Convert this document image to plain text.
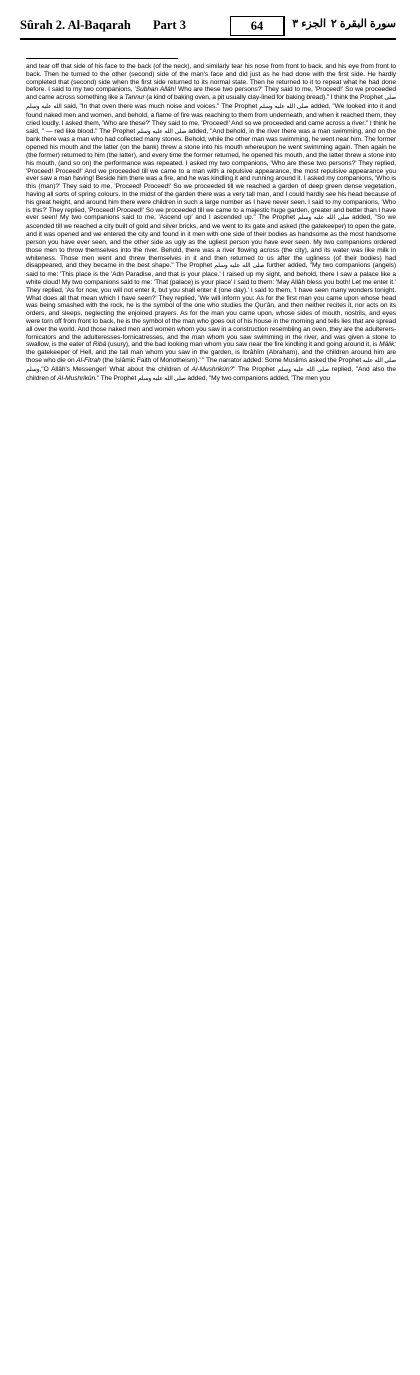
Sûrah 2. Al-Baqarah Part 3	64	الجزء ٣ سورة البقرة ٢
and tear off that side of his face to the back (of the neck), and similarly tear his nose from front to back, and his eye from front to back. Then he turned to the other (second) side of the man's face and did just as he had done with the first side. He hardly completed that (second) side when the first side returned to its normal state. Then he returned to it to repeat what he had done before. I said to my two companions, 'Subhan Allâh! Who are these two persons?' They said to me, 'Proceed!' So we proceeded and came across something like a Tannur (a kind of baking oven, a pit usually clay-lined for baking bread)." I think the Prophet صلى الله عليه وسلم said, "In that oven there was much noise and voices." The Prophet صلى الله عليه وسلم added, "We looked into it and found naked men and women, and behold, a flame of fire was reaching to them from underneath, and when it reached them, they cried loudly. I asked them, 'Who are these?' They said to me, 'Proceed!' And so we proceeded and came across a river." I think he said, " — red like blood." The Prophet صلى الله عليه وسلم added, "And behold, in the river there was a man swimming, and on the bank there was a man who had collected many stones. Behold, while the other man was swimming, he went near him. The former opened his mouth and the latter (on the bank) threw a stone into his mouth whereupon he went swimming again. Then again he (the former) returned to him (the latter), and every time the former returned, he opened his mouth, and the latter threw a stone into his mouth, (and so on) the performance was repeated. I asked my two companions, 'Who are these two persons?' They replied, 'Proceed! Proceed!' And we proceeded till we came to a man with a repulsive appearance, the most repulsive appearance you ever saw a man having! Beside him there was a fire, and he was kindling it and running around it. I asked my companions, 'Who is this (man)?' They said to me, 'Proceed! Proceed!' So we proceeded till we reached a garden of deep green dense vegetation, having all sorts of spring colours. In the midst of the garden there was a very tall man, and I could hardly see his head because of his great height, and around him there were children in such a large number as I have never seen. I said to my companions, 'Who is this?' They replied, 'Proceed! Proceed!' So we proceeded till we came to a majestic huge garden, greater and better than I have ever seen! My two companions said to me, 'Ascend up' and I ascended up." The Prophet صلى الله عليه وسلم added, "So we ascended till we reached a city built of gold and silver bricks, and we went to its gate and asked (the gatekeeper) to open the gate, and it was opened and we entered the city and found in it men with one side of their bodies as handsome as the most handsome person you have ever seen, and the other side as ugly as the ugliest person you have ever seen. My two companions ordered those men to throw themselves into the river. Behold, there was a river flowing across (the city), and its water was like milk in whiteness. Those men went and threw themselves in it and then returned to us after the ugliness (of their bodies) had disappeared, and they became in the best shape." The Prophet صلى الله عليه وسلم further added, "My two companions (angels) said to me: 'This place is the 'Adn Paradise, and that is your place.' I raised up my sight, and behold, there I saw a palace like a white cloud! My two companions said to me: 'That (palace) is your place' I said to them: 'May Allâh bless you both! Let me enter it.' They replied, 'As for now, you will not enter it, but you shall enter it (one day).' I said to them, 'I have seen many wonders tonight. What does all that mean which I have seen?' They replied, 'We will inform you: As for the first man you came upon whose head was being smashed with the rock, he is the symbol of the one who studies the Qur'ân, and then neither recites it, nor acts on its orders, and sleeps, neglecting the enjoined prayers. As for the man you came upon, whose sides of mouth, nostrils, and eyes were torn off from front to back, he is the symbol of the man who goes out of his house in the morning and tells lies that are spread all over the world. And those naked men and women whom you saw in a construction resembling an oven, they are the adulterers-fornicators and the adulteresses-fornicatresses, and the man whom you saw swimming in the river, and was given a stone to swallow, is the eater of Ribâ (usury), and the bad looking man whom you saw near the fire kindling it and going around it, is Mâlik; the gatekeeper of Hell, and the tall man whom you saw in the garden, is Ibrâhîm (Abraham), and the children around him are those who die on Al-Fitrah (the Islâmic Faith of Monotheism).' " The narrator added: Some Muslims asked the Prophet صلى الله عليه وسلم,"O Allâh's Messenger! What about the children of Al-Mushrikûn?" The Prophet صلى الله عليه وسلم replied, "And also the children of Al-Mushrikûn." The Prophet صلى الله عليه وسلم added, "My two companions added, 'The men you
